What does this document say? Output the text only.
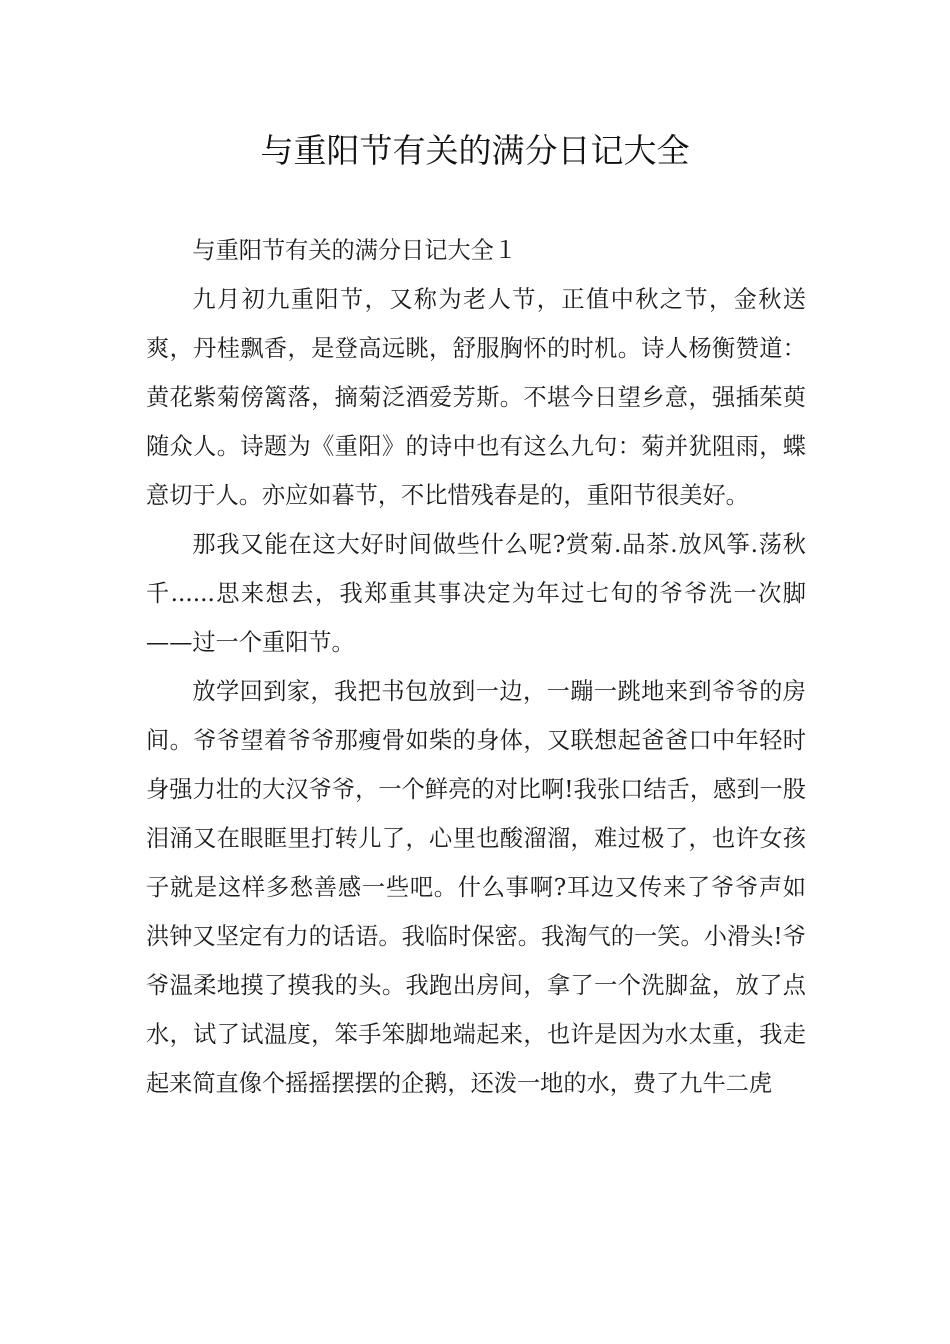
与重阳节有关的满分日记大全

与重阳节有关的满分日记大全１

九月初九重阳节，又称为老人节，正值中秋之节，金秋送爽，丹桂飘香，是登高远眺，舒服胸怀的时机。诗人杨衡赞道：黄花紫菊傍篱落，摘菊泛酒爱芳斯。不堪今日望乡意，强插茱萸随众人。诗题为《重阳》的诗中也有这么九句：菊并犹阻雨，蝶意切于人。亦应如暮节，不比惜残春是的，重阳节很美好。

那我又能在这大好时间做些什么呢?赏菊.品茶.放风筝.荡秋千......思来想去，我郑重其事决定为年过七旬的爷爷洗一次脚——过一个重阳节。

放学回到家，我把书包放到一边，一蹦一跳地来到爷爷的房间。爷爷望着爷爷那瘦骨如柴的身体，又联想起爸爸口中年轻时身强力壮的大汉爷爷，一个鲜亮的对比啊!我张口结舌，感到一股泪涌又在眼眶里打转儿了，心里也酸溜溜，难过极了，也许女孩子就是这样多愁善感一些吧。什么事啊?耳边又传来了爷爷声如洪钟又坚定有力的话语。我临时保密。我淘气的一笑。小滑头!爷爷温柔地摸了摸我的头。我跑出房间，拿了一个洗脚盆，放了点水，试了试温度，笨手笨脚地端起来，也许是因为水太重，我走起来简直像个摇摇摆摆的企鹅，还泼一地的水，费了九牛二虎
